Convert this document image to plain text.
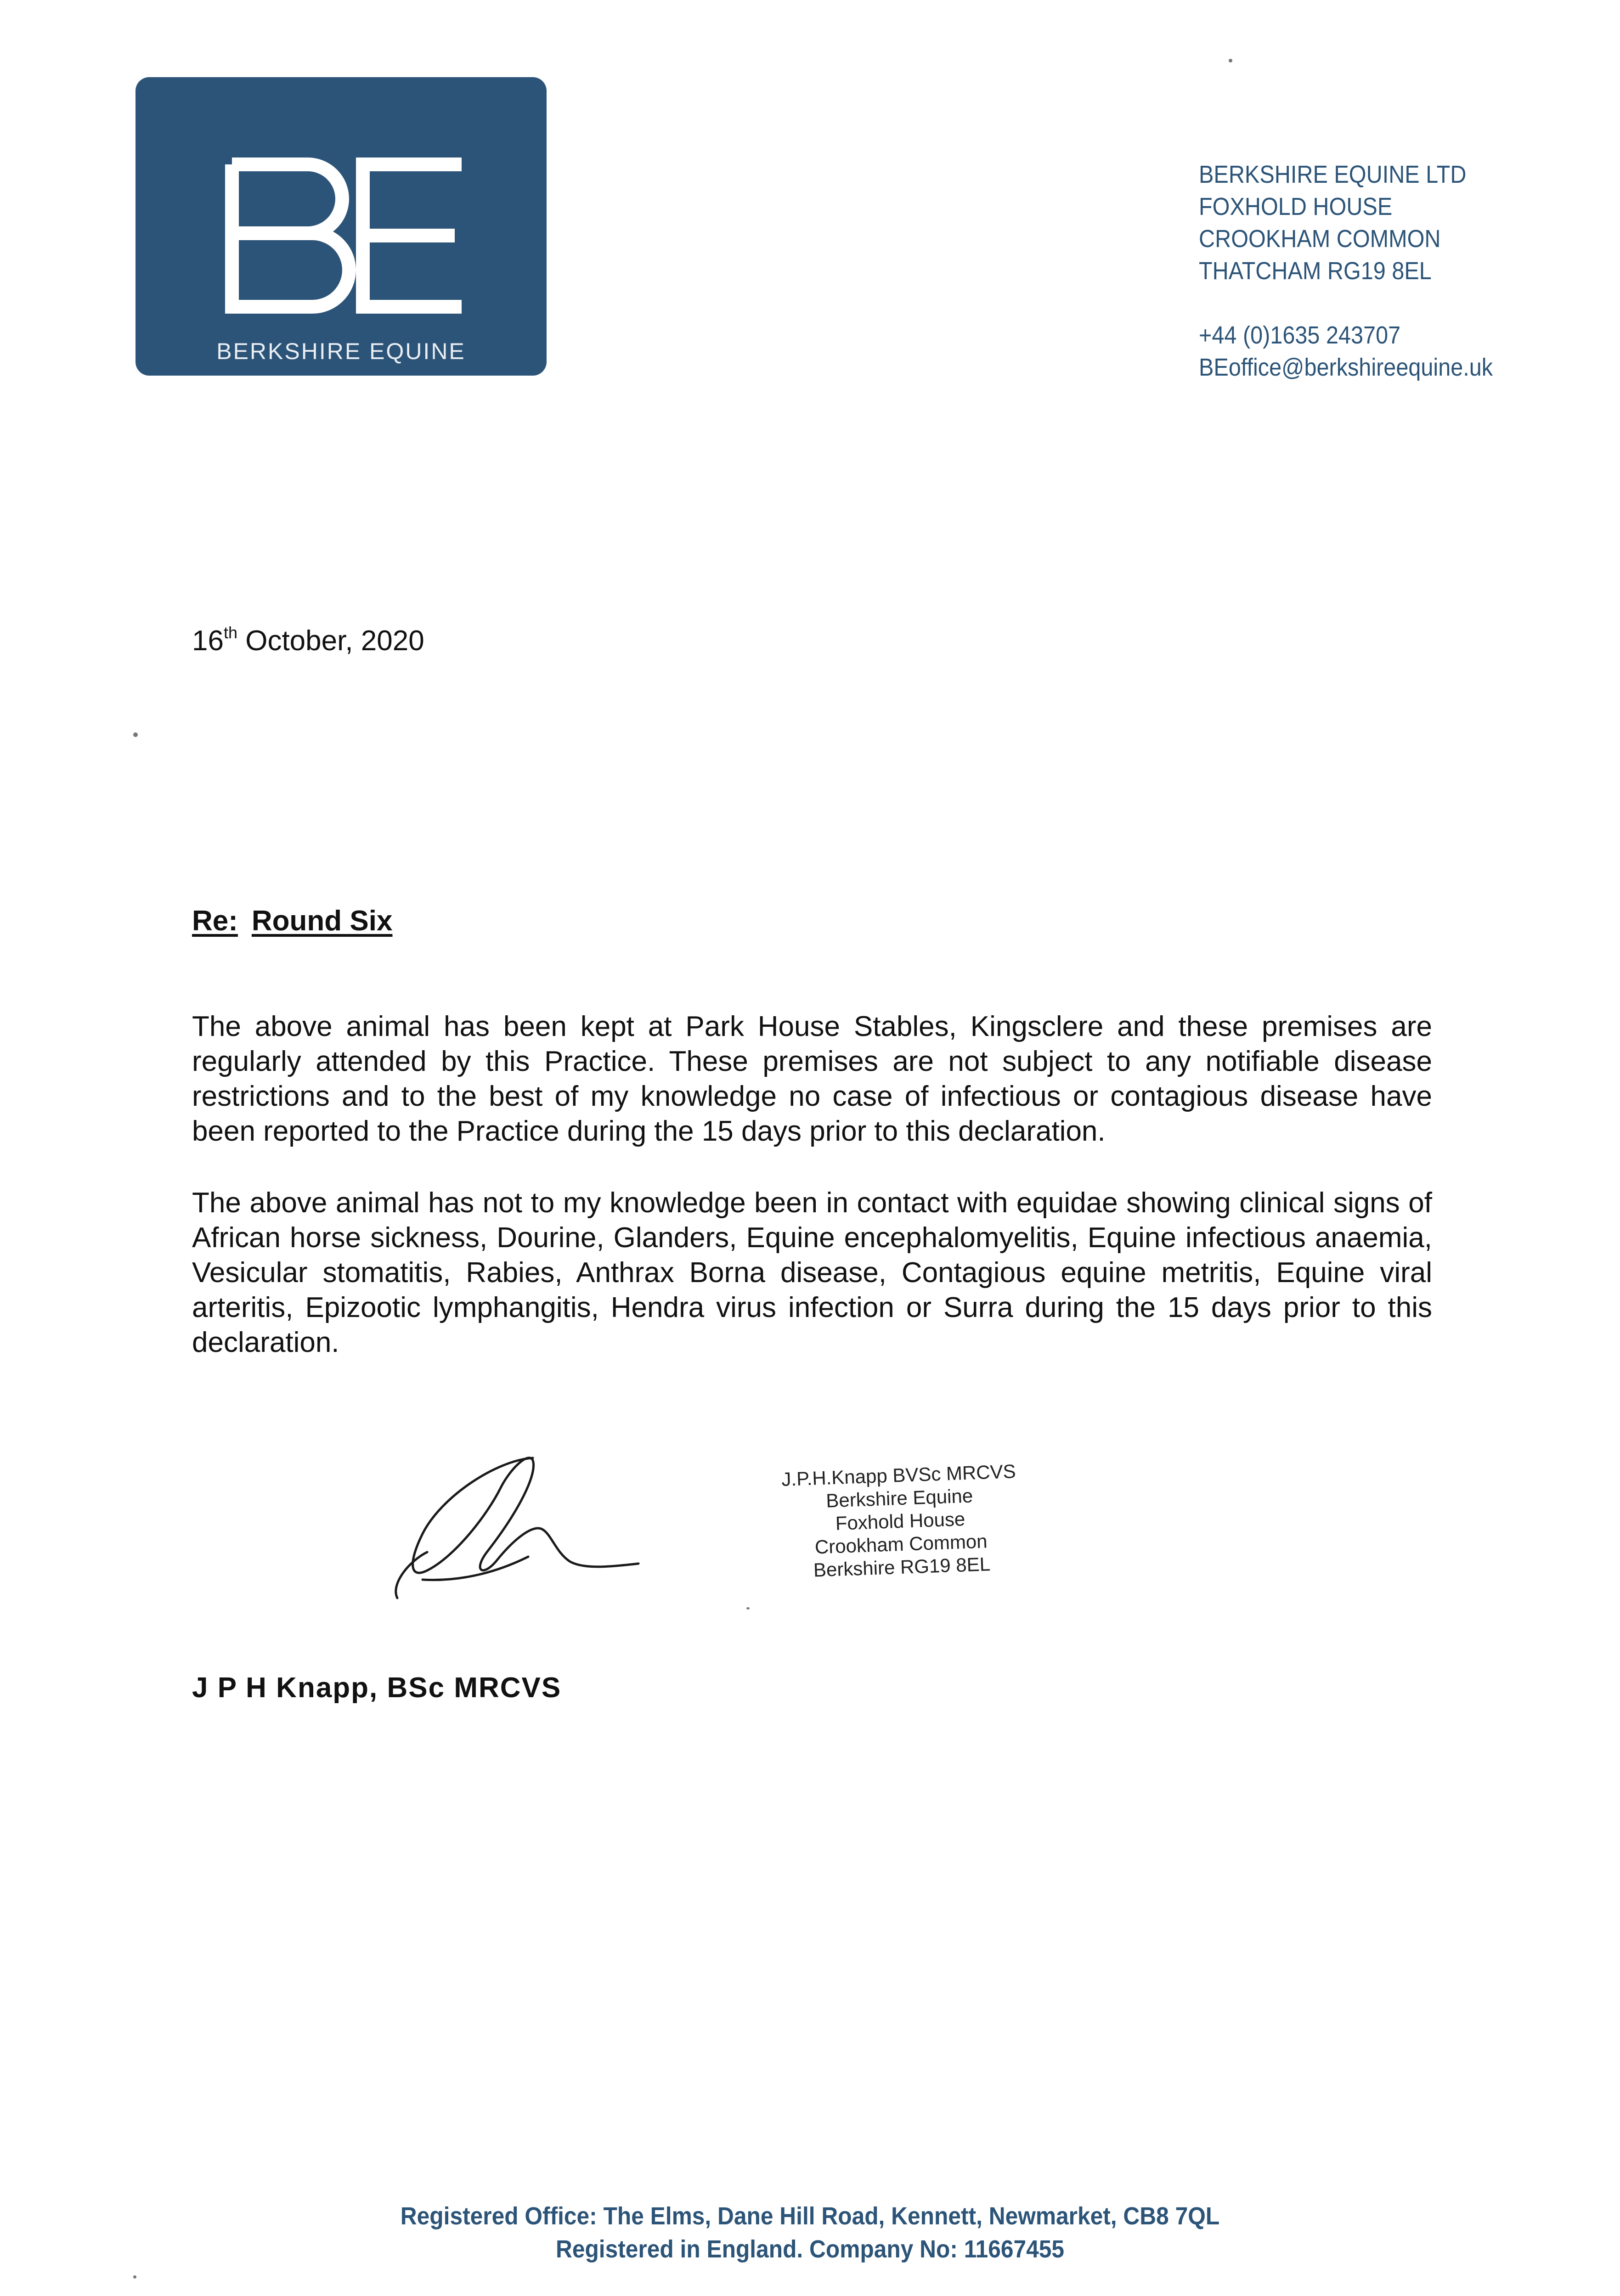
BERKSHIRE EQUINE
BERKSHIRE EQUINE LTD
FOXHOLD HOUSE
CROOKHAM COMMON
THATCHAM RG19 8EL
+44 (0)1635 243707
BEoffice@berkshireequine.uk
16th October, 2020
Re: Round Six
The above animal has been kept at Park House Stables, Kingsclere and these premises are regularly attended by this Practice. These premises are not subject to any notifiable disease restrictions and to the best of my knowledge no case of infectious or contagious disease have been reported to the Practice during the 15 days prior to this declaration.
The above animal has not to my knowledge been in contact with equidae showing clinical signs of African horse sickness, Dourine, Glanders, Equine encephalomyelitis, Equine infectious anaemia, Vesicular stomatitis, Rabies, Anthrax Borna disease, Contagious equine metritis, Equine viral arteritis, Epizootic lymphangitis, Hendra virus infection or Surra during the 15 days prior to this declaration.
J.P.H.Knapp BVSc MRCVS
Berkshire Equine
Foxhold House
Crookham Common
Berkshire RG19 8EL
J P H Knapp, BSc MRCVS
Registered Office: The Elms, Dane Hill Road, Kennett, Newmarket, CB8 7QL
Registered in England. Company No: 11667455
